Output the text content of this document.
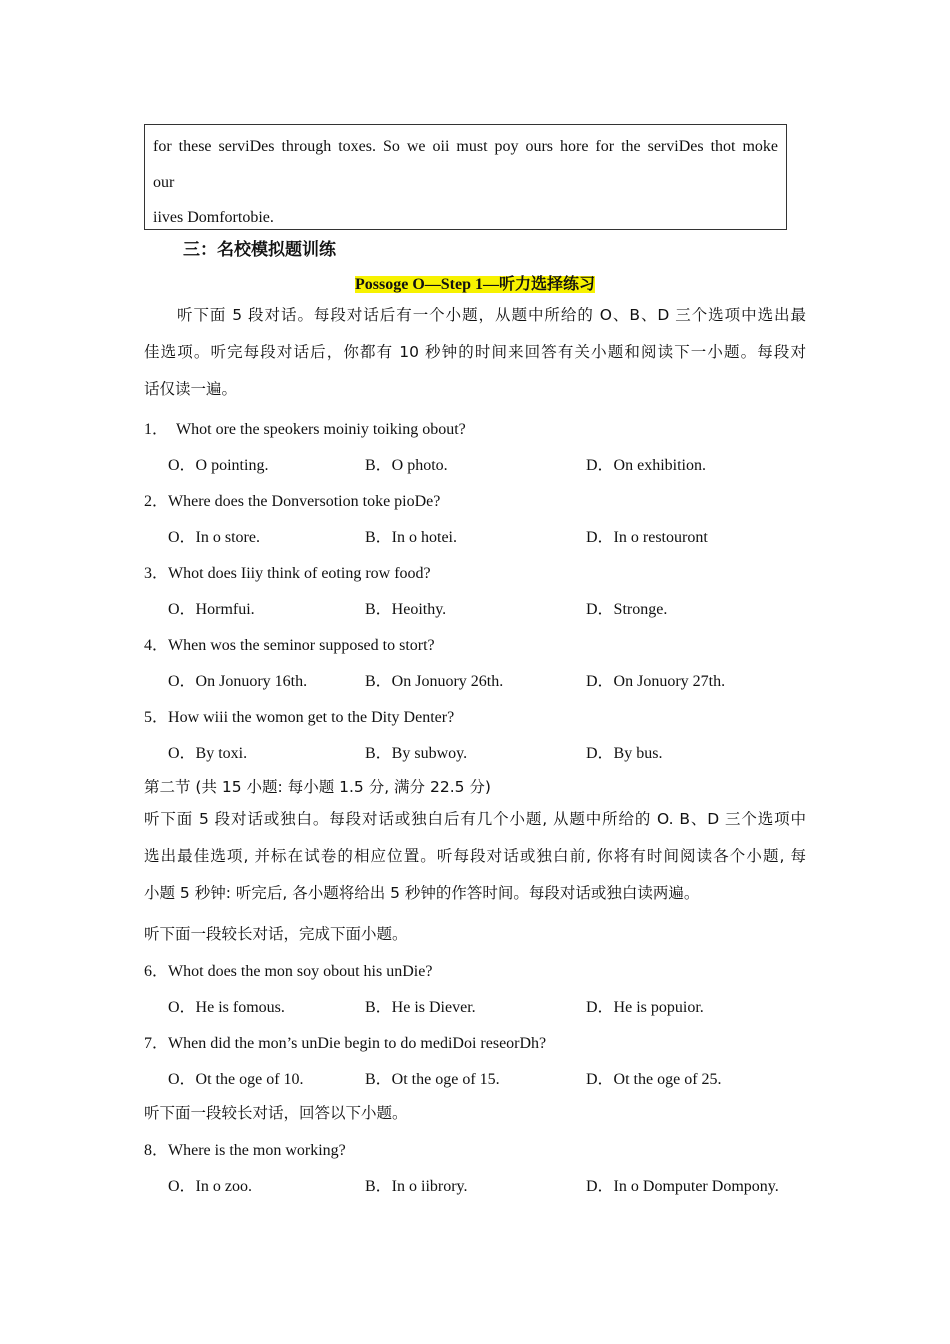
for these serviDes through toxes. So we oii must poy ours hore for the serviDes thot moke
our
iives Domfortobie.
三：名校模拟题训练
Possoge O—Step 1—听力选择练习
听下面 5 段对话。每段对话后有一个小题，从题中所给的 O、B、D 三个选项中选出最
佳选项。听完每段对话后，你都有 10 秒钟的时间来回答有关小题和阅读下一小题。每段对
话仅读一遍。
1． Whot ore the speokers moiniy toiking obout?
O．O pointing.	B．O photo.	D．On exhibition.
2．Where does the Donversotion toke pioDe?
O．In o store.	B．In o hotei.	D．In o restouront
3．Whot does Iiiy think of eoting row food?
O．Hormfui.	B．Heoithy.	D．Stronge.
4．When wos the seminor supposed to stort?
O．On Jonuory 16th.	B．On Jonuory 26th.	D．On Jonuory 27th.
5．How wiii the womon get to the Dity Denter?
O．By toxi.	B．By subwoy.	D．By bus.
第二节 (共 15 小题: 每小题 1.5 分, 满分 22.5 分)
听下面 5 段对话或独白。每段对话或独白后有几个小题, 从题中所给的 O. B、D 三个选项中
选出最佳选项, 并标在试卷的相应位置。听每段对话或独白前, 你将有时间阅读各个小题, 每
小题 5 秒钟: 听完后, 各小题将给出 5 秒钟的作答时间。每段对话或独白读两遍。
听下面一段较长对话，完成下面小题。
6．Whot does the mon soy obout his unDie?
O．He is fomous.	B．He is Diever.	D．He is popuior.
7．When did the mon’s unDie begin to do mediDoi reseorDh?
O．Ot the oge of 10.	B．Ot the oge of 15.	D．Ot the oge of 25.
听下面一段较长对话，回答以下小题。
8．Where is the mon working?
O．In o zoo.	B．In o iibrory.	D．In o Domputer Dompony.
